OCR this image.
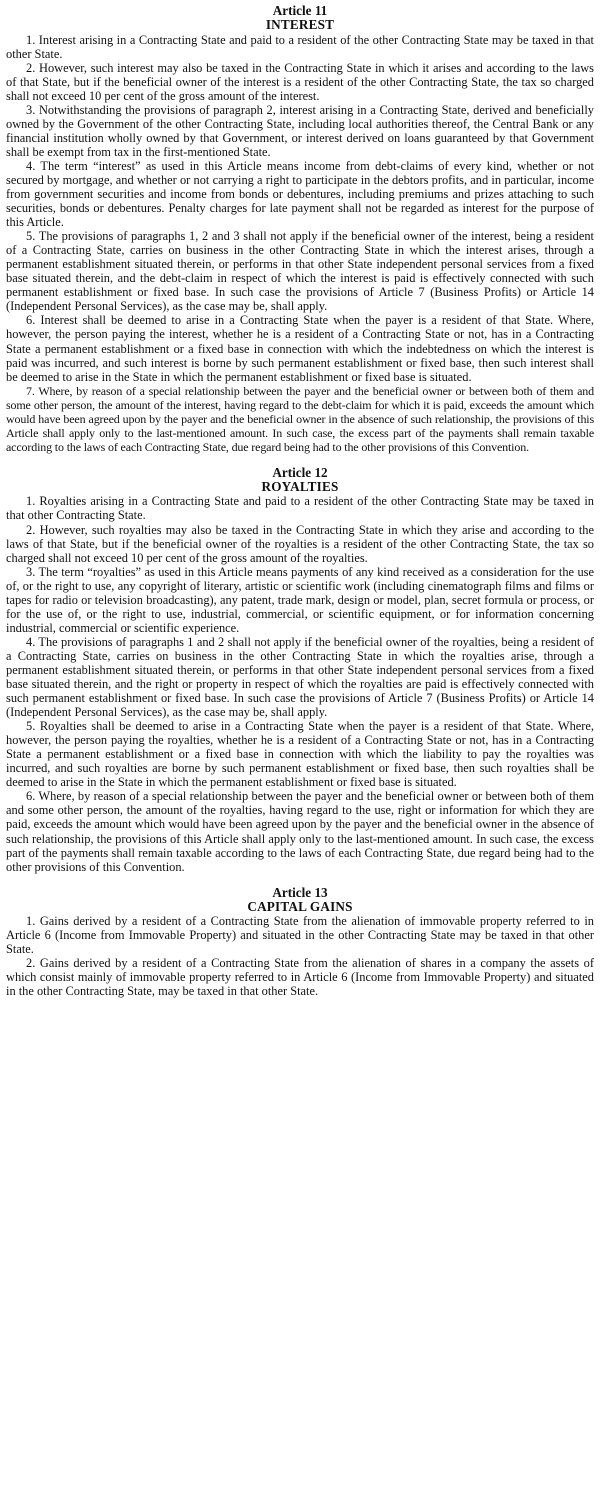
Article 11
INTEREST

1. Interest arising in a Contracting State and paid to a resident of the other Contracting State may be taxed in that other State.

2. However, such interest may also be taxed in the Contracting State in which it arises and according to the laws of that State, but if the beneficial owner of the interest is a resident of the other Contracting State, the tax so charged shall not exceed 10 per cent of the gross amount of the interest.

3. Notwithstanding the provisions of paragraph 2, interest arising in a Contracting State, derived and beneficially owned by the Government of the other Contracting State, including local authorities thereof, the Central Bank or any financial institution wholly owned by that Government, or interest derived on loans guaranteed by that Government shall be exempt from tax in the first-mentioned State.

4. The term “interest” as used in this Article means income from debt-claims of every kind, whether or not secured by mortgage, and whether or not carrying a right to participate in the debtors profits, and in particular, income from government securities and income from bonds or debentures, including premiums and prizes attaching to such securities, bonds or debentures. Penalty charges for late payment shall not be regarded as interest for the purpose of this Article.

5. The provisions of paragraphs 1, 2 and 3 shall not apply if the beneficial owner of the interest, being a resident of a Contracting State, carries on business in the other Contracting State in which the interest arises, through a permanent establishment situated therein, or performs in that other State independent personal services from a fixed base situated therein, and the debt-claim in respect of which the interest is paid is effectively connected with such permanent establishment or fixed base. In such case the provisions of Article 7 (Business Profits) or Article 14 (Independent Personal Services), as the case may be, shall apply.

6. Interest shall be deemed to arise in a Contracting State when the payer is a resident of that State. Where, however, the person paying the interest, whether he is a resident of a Contracting State or not, has in a Contracting State a permanent establishment or a fixed base in connection with which the indebtedness on which the interest is paid was incurred, and such interest is borne by such permanent establishment or fixed base, then such interest shall be deemed to arise in the State in which the permanent establishment or fixed base is situated.

7. Where, by reason of a special relationship between the payer and the beneficial owner or between both of them and some other person, the amount of the interest, having regard to the debt-claim for which it is paid, exceeds the amount which would have been agreed upon by the payer and the beneficial owner in the absence of such relationship, the provisions of this Article shall apply only to the last-mentioned amount. In such case, the excess part of the payments shall remain taxable according to the laws of each Contracting State, due regard being had to the other provisions of this Convention.

Article 12
ROYALTIES

1. Royalties arising in a Contracting State and paid to a resident of the other Contracting State may be taxed in that other Contracting State.

2. However, such royalties may also be taxed in the Contracting State in which they arise and according to the laws of that State, but if the beneficial owner of the royalties is a resident of the other Contracting State, the tax so charged shall not exceed 10 per cent of the gross amount of the royalties.

3. The term “royalties” as used in this Article means payments of any kind received as a consideration for the use of, or the right to use, any copyright of literary, artistic or scientific work (including cinematograph films and films or tapes for radio or television broadcasting), any patent, trade mark, design or model, plan, secret formula or process, or for the use of, or the right to use, industrial, commercial, or scientific equipment, or for information concerning industrial, commercial or scientific experience.

4. The provisions of paragraphs 1 and 2 shall not apply if the beneficial owner of the royalties, being a resident of a Contracting State, carries on business in the other Contracting State in which the royalties arise, through a permanent establishment situated therein, or performs in that other State independent personal services from a fixed base situated therein, and the right or property in respect of which the royalties are paid is effectively connected with such permanent establishment or fixed base. In such case the provisions of Article 7 (Business Profits) or Article 14 (Independent Personal Services), as the case may be, shall apply.

5. Royalties shall be deemed to arise in a Contracting State when the payer is a resident of that State. Where, however, the person paying the royalties, whether he is a resident of a Contracting State or not, has in a Contracting State a permanent establishment or a fixed base in connection with which the liability to pay the royalties was incurred, and such royalties are borne by such permanent establishment or fixed base, then such royalties shall be deemed to arise in the State in which the permanent establishment or fixed base is situated.

6. Where, by reason of a special relationship between the payer and the beneficial owner or between both of them and some other person, the amount of the royalties, having regard to the use, right or information for which they are paid, exceeds the amount which would have been agreed upon by the payer and the beneficial owner in the absence of such relationship, the provisions of this Article shall apply only to the last-mentioned amount. In such case, the excess part of the payments shall remain taxable according to the laws of each Contracting State, due regard being had to the other provisions of this Convention.

Article 13
CAPITAL GAINS

1. Gains derived by a resident of a Contracting State from the alienation of immovable property referred to in Article 6 (Income from Immovable Property) and situated in the other Contracting State may be taxed in that other State.

2. Gains derived by a resident of a Contracting State from the alienation of shares in a company the assets of which consist mainly of immovable property referred to in Article 6 (Income from Immovable Property) and situated in the other Contracting State, may be taxed in that other State.
